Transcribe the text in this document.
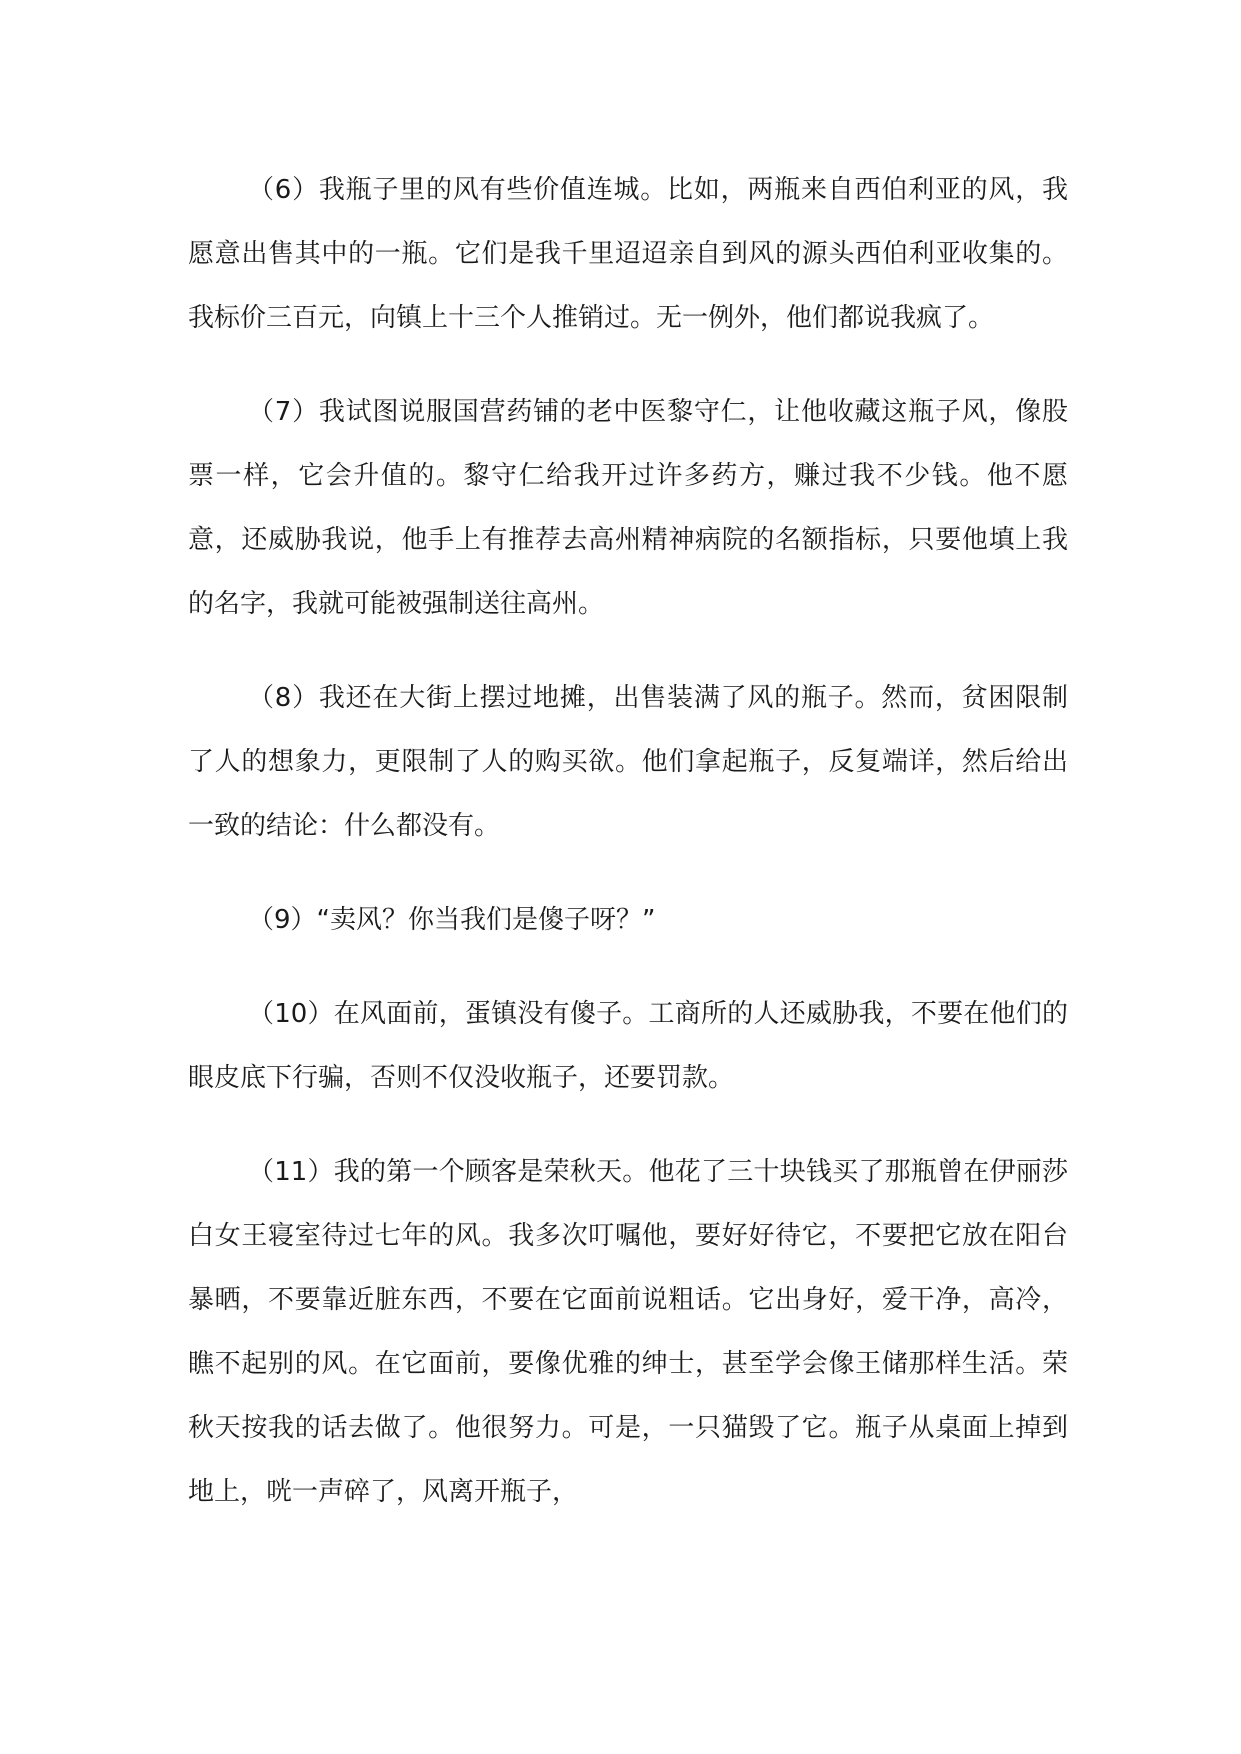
（6）我瓶子里的风有些价值连城。比如，两瓶来自西伯利亚的风，我愿意出售其中的一瓶。它们是我千里迢迢亲自到风的源头西伯利亚收集的。我标价三百元，向镇上十三个人推销过。无一例外，他们都说我疯了。

（7）我试图说服国营药铺的老中医黎守仁，让他收藏这瓶子风，像股票一样，它会升值的。黎守仁给我开过许多药方，赚过我不少钱。他不愿意，还威胁我说，他手上有推荐去高州精神病院的名额指标，只要他填上我的名字，我就可能被强制送往高州。

（8）我还在大街上摆过地摊，出售装满了风的瓶子。然而，贫困限制了人的想象力，更限制了人的购买欲。他们拿起瓶子，反复端详，然后给出一致的结论：什么都没有。

（9）“卖风？你当我们是傻子呀？”

（10）在风面前，蛋镇没有傻子。工商所的人还威胁我，不要在他们的眼皮底下行骗，否则不仅没收瓶子，还要罚款。

（11）我的第一个顾客是荣秋天。他花了三十块钱买了那瓶曾在伊丽莎白女王寝室待过七年的风。我多次叮嘱他，要好好待它，不要把它放在阳台暴晒，不要靠近脏东西，不要在它面前说粗话。它出身好，爱干净，高冷，瞧不起别的风。在它面前，要像优雅的绅士，甚至学会像王储那样生活。荣秋天按我的话去做了。他很努力。可是，一只猫毁了它。瓶子从桌面上掉到地上，咣一声碎了，风离开瓶子，
